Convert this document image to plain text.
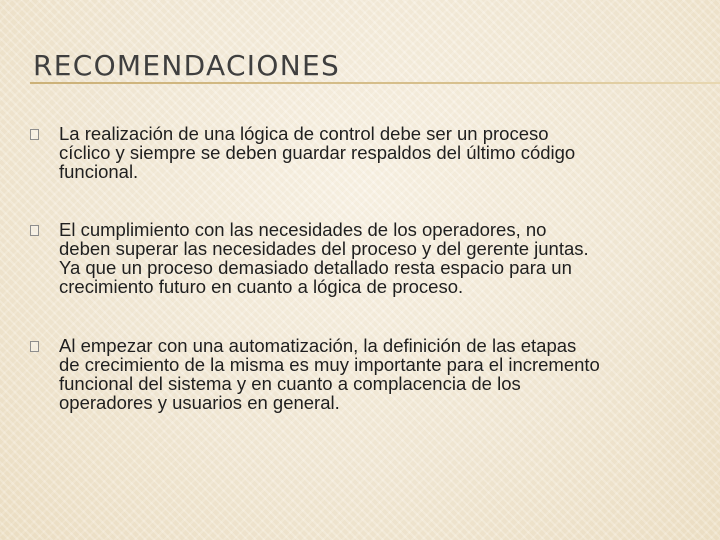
RECOMENDACIONES
La realización de una lógica de control debe ser un proceso
cíclico y siempre se deben guardar respaldos del último código
funcional.
El cumplimiento con las necesidades de los operadores, no
deben superar las necesidades del proceso y del gerente juntas.
Ya que un proceso demasiado detallado resta espacio para un
crecimiento futuro en cuanto a lógica de proceso.
Al empezar con una automatización, la definición de las etapas
de crecimiento de la misma es muy importante para el incremento
funcional del sistema y en cuanto a complacencia de los
operadores y usuarios en general.
